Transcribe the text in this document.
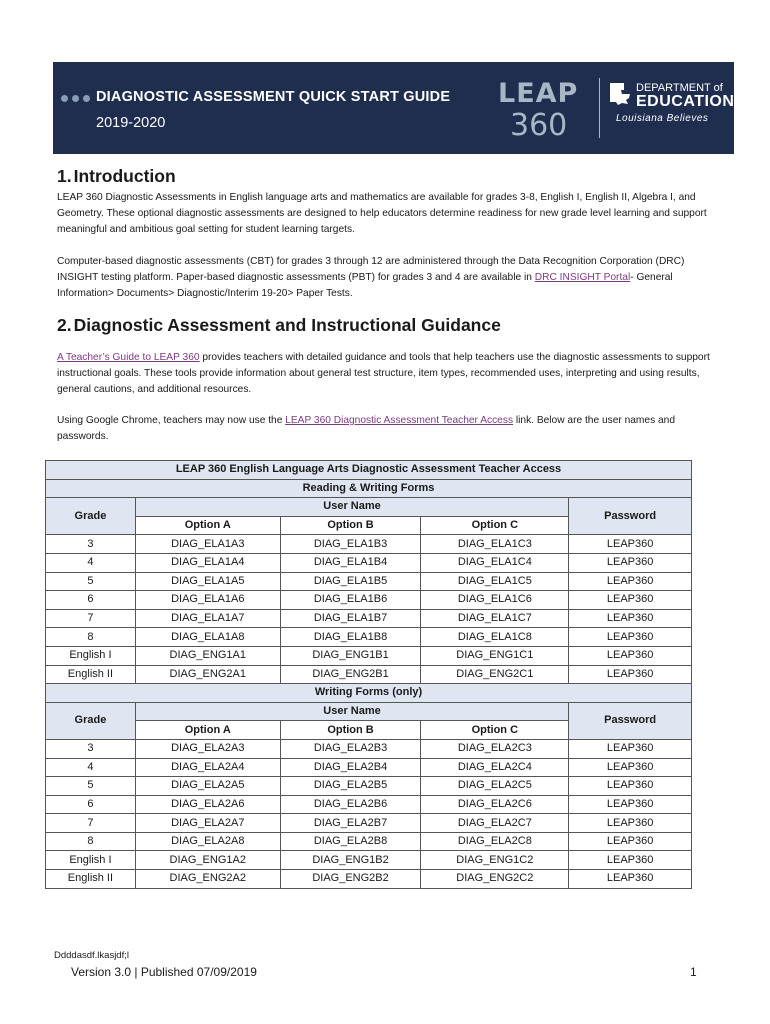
DIAGNOSTIC ASSESSMENT QUICK START GUIDE
2019-2020
LEAP
360
DEPARTMENT of
EDUCATION
Louisiana Believes
1. Introduction

LEAP 360 Diagnostic Assessments in English language arts and mathematics are available for grades 3-8, English I, English II, Algebra I, and Geometry. These optional diagnostic assessments are designed to help educators determine readiness for new grade level learning and support meaningful and ambitious goal setting for student learning targets.

Computer-based diagnostic assessments (CBT) for grades 3 through 12 are administered through the Data Recognition Corporation (DRC) INSIGHT testing platform. Paper-based diagnostic assessments (PBT) for grades 3 and 4 are available in DRC INSIGHT Portal- General Information> Documents> Diagnostic/Interim 19-20> Paper Tests.

2. Diagnostic Assessment and Instructional Guidance

A Teacher’s Guide to LEAP 360 provides teachers with detailed guidance and tools that help teachers use the diagnostic assessments to support instructional goals. These tools provide information about general test structure, item types, recommended uses, interpreting and using results, general cautions, and additional resources.

Using Google Chrome, teachers may now use the LEAP 360 Diagnostic Assessment Teacher Access link. Below are the user names and passwords.

LEAP 360 English Language Arts Diagnostic Assessment Teacher Access				
Reading & Writing Forms				
Grade	User Name			Password
	Option A	Option B	Option C	
3	DIAG_ELA1A3	DIAG_ELA1B3	DIAG_ELA1C3	LEAP360
4	DIAG_ELA1A4	DIAG_ELA1B4	DIAG_ELA1C4	LEAP360
5	DIAG_ELA1A5	DIAG_ELA1B5	DIAG_ELA1C5	LEAP360
6	DIAG_ELA1A6	DIAG_ELA1B6	DIAG_ELA1C6	LEAP360
7	DIAG_ELA1A7	DIAG_ELA1B7	DIAG_ELA1C7	LEAP360
8	DIAG_ELA1A8	DIAG_ELA1B8	DIAG_ELA1C8	LEAP360
English I	DIAG_ENG1A1	DIAG_ENG1B1	DIAG_ENG1C1	LEAP360
English II	DIAG_ENG2A1	DIAG_ENG2B1	DIAG_ENG2C1	LEAP360
Writing Forms (only)				
Grade	User Name			Password
	Option A	Option B	Option C	
3	DIAG_ELA2A3	DIAG_ELA2B3	DIAG_ELA2C3	LEAP360
4	DIAG_ELA2A4	DIAG_ELA2B4	DIAG_ELA2C4	LEAP360
5	DIAG_ELA2A5	DIAG_ELA2B5	DIAG_ELA2C5	LEAP360
6	DIAG_ELA2A6	DIAG_ELA2B6	DIAG_ELA2C6	LEAP360
7	DIAG_ELA2A7	DIAG_ELA2B7	DIAG_ELA2C7	LEAP360
8	DIAG_ELA2A8	DIAG_ELA2B8	DIAG_ELA2C8	LEAP360
English I	DIAG_ENG1A2	DIAG_ENG1B2	DIAG_ENG1C2	LEAP360
English II	DIAG_ENG2A2	DIAG_ENG2B2	DIAG_ENG2C2	LEAP360
Ddddasdf.lkasjdf;l
Version 3.0 | Published 07/09/2019	1
